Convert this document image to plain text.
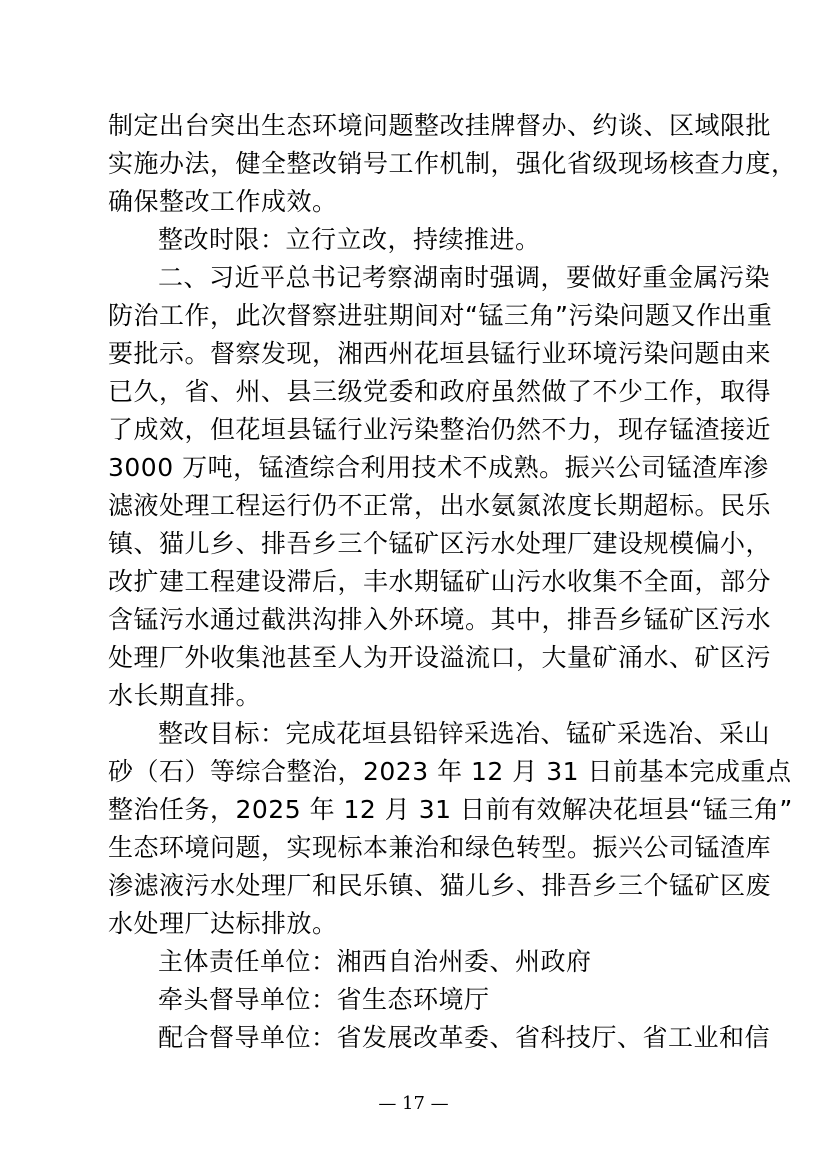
制定出台突出生态环境问题整改挂牌督办、约谈、区域限批
实施办法，健全整改销号工作机制，强化省级现场核查力度，
确保整改工作成效。
整改时限：立行立改，持续推进。
二、习近平总书记考察湖南时强调，要做好重金属污染
防治工作，此次督察进驻期间对“锰三角”污染问题又作出重
要批示。督察发现，湘西州花垣县锰行业环境污染问题由来
已久，省、州、县三级党委和政府虽然做了不少工作，取得
了成效，但花垣县锰行业污染整治仍然不力，现存锰渣接近
3000 万吨，锰渣综合利用技术不成熟。振兴公司锰渣库渗
滤液处理工程运行仍不正常，出水氨氮浓度长期超标。民乐
镇、猫儿乡、排吾乡三个锰矿区污水处理厂建设规模偏小，
改扩建工程建设滞后，丰水期锰矿山污水收集不全面，部分
含锰污水通过截洪沟排入外环境。其中，排吾乡锰矿区污水
处理厂外收集池甚至人为开设溢流口，大量矿涌水、矿区污
水长期直排。
整改目标：完成花垣县铅锌采选冶、锰矿采选冶、采山
砂（石）等综合整治，2023 年 12 月 31 日前基本完成重点
整治任务，2025 年 12 月 31 日前有效解决花垣县“锰三角”
生态环境问题，实现标本兼治和绿色转型。振兴公司锰渣库
渗滤液污水处理厂和民乐镇、猫儿乡、排吾乡三个锰矿区废
水处理厂达标排放。
主体责任单位：湘西自治州委、州政府
牵头督导单位：省生态环境厅
配合督导单位：省发展改革委、省科技厅、省工业和信
— 17 —
